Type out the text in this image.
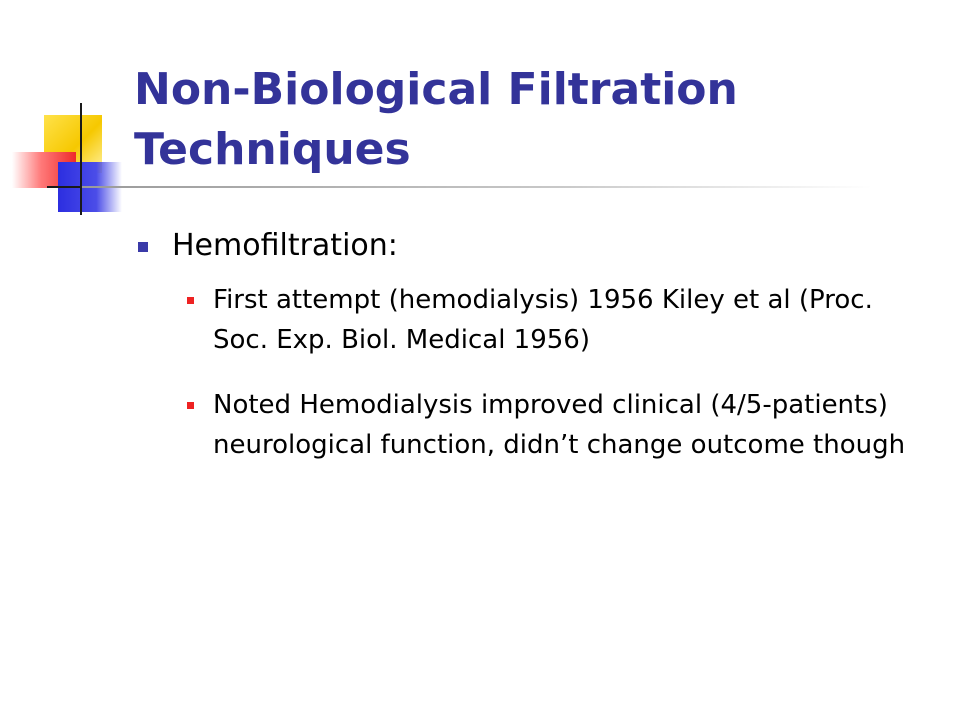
Non-Biological Filtration Techniques

Hemofiltration:

First attempt (hemodialysis) 1956 Kiley et al (Proc. Soc. Exp. Biol. Medical 1956)

Noted Hemodialysis improved clinical (4/5-patients) neurological function, didn’t change outcome though
